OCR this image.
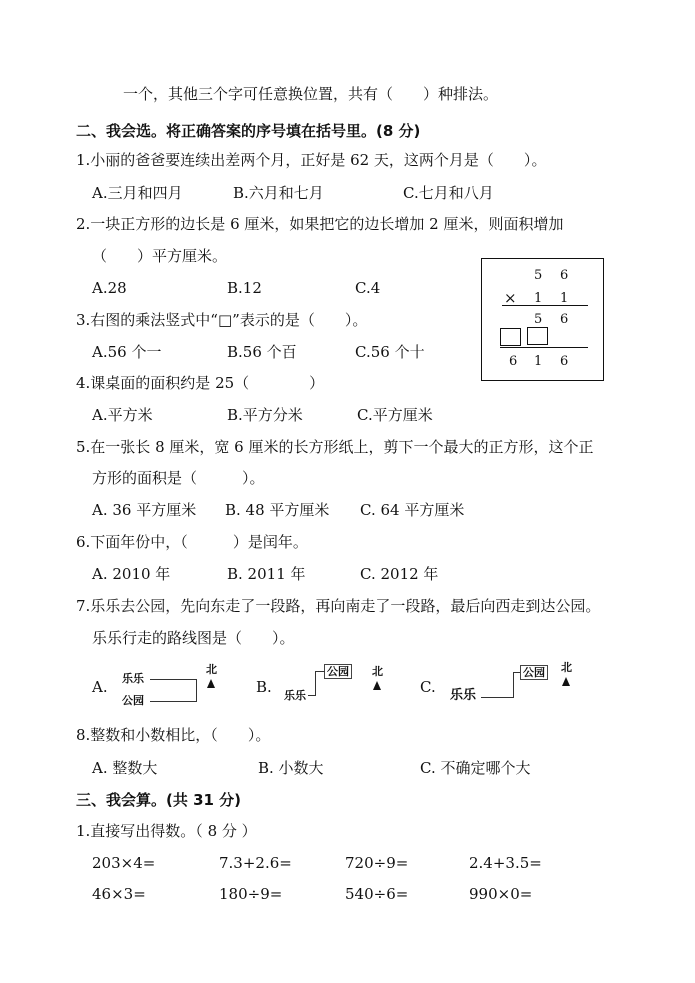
一个，其他三个字可任意换位置，共有（　　）种排法。
二、我会选。将正确答案的序号填在括号里。(8 分)
1.小丽的爸爸要连续出差两个月，正好是 62 天，这两个月是（　　）。
A.三月和四月	B.六月和七月	C.七月和八月
2.一块正方形的边长是 6 厘米，如果把它的边长增加 2 厘米，则面积增加
（　　）平方厘米。
A.28	B.12	C.4
5 6
× 1 1
5 6
6 1 6
3.右图的乘法竖式中“□”表示的是（　　）。
A.56 个一	B.56 个百	C.56 个十
4.课桌面的面积约是 25（　　　　）
A.平方米	B.平方分米	C.平方厘米
5.在一张长 8 厘米，宽 6 厘米的长方形纸上，剪下一个最大的正方形，这个正
方形的面积是（　　　）。
A. 36 平方厘米 B. 48 平方厘米 C. 64 平方厘米
6.下面年份中，（　　　）是闰年。
A. 2010 年	B. 2011 年	C. 2012 年
7.乐乐去公园，先向东走了一段路，再向南走了一段路，最后向西走到达公园。
乐乐行走的路线图是（　　）。
A. 乐乐
公园
北
B.
公园
乐乐
北
C. 乐乐
公园 北
8.整数和小数相比，（　　）。
A. 整数大	B. 小数大	C. 不确定哪个大
三、我会算。(共 31 分)
1.直接写出得数。（ 8 分 ）
203×4=	7.3+2.6=	720÷9=	2.4+3.5=
46×3=	180÷9=	540÷6=	990×0=
